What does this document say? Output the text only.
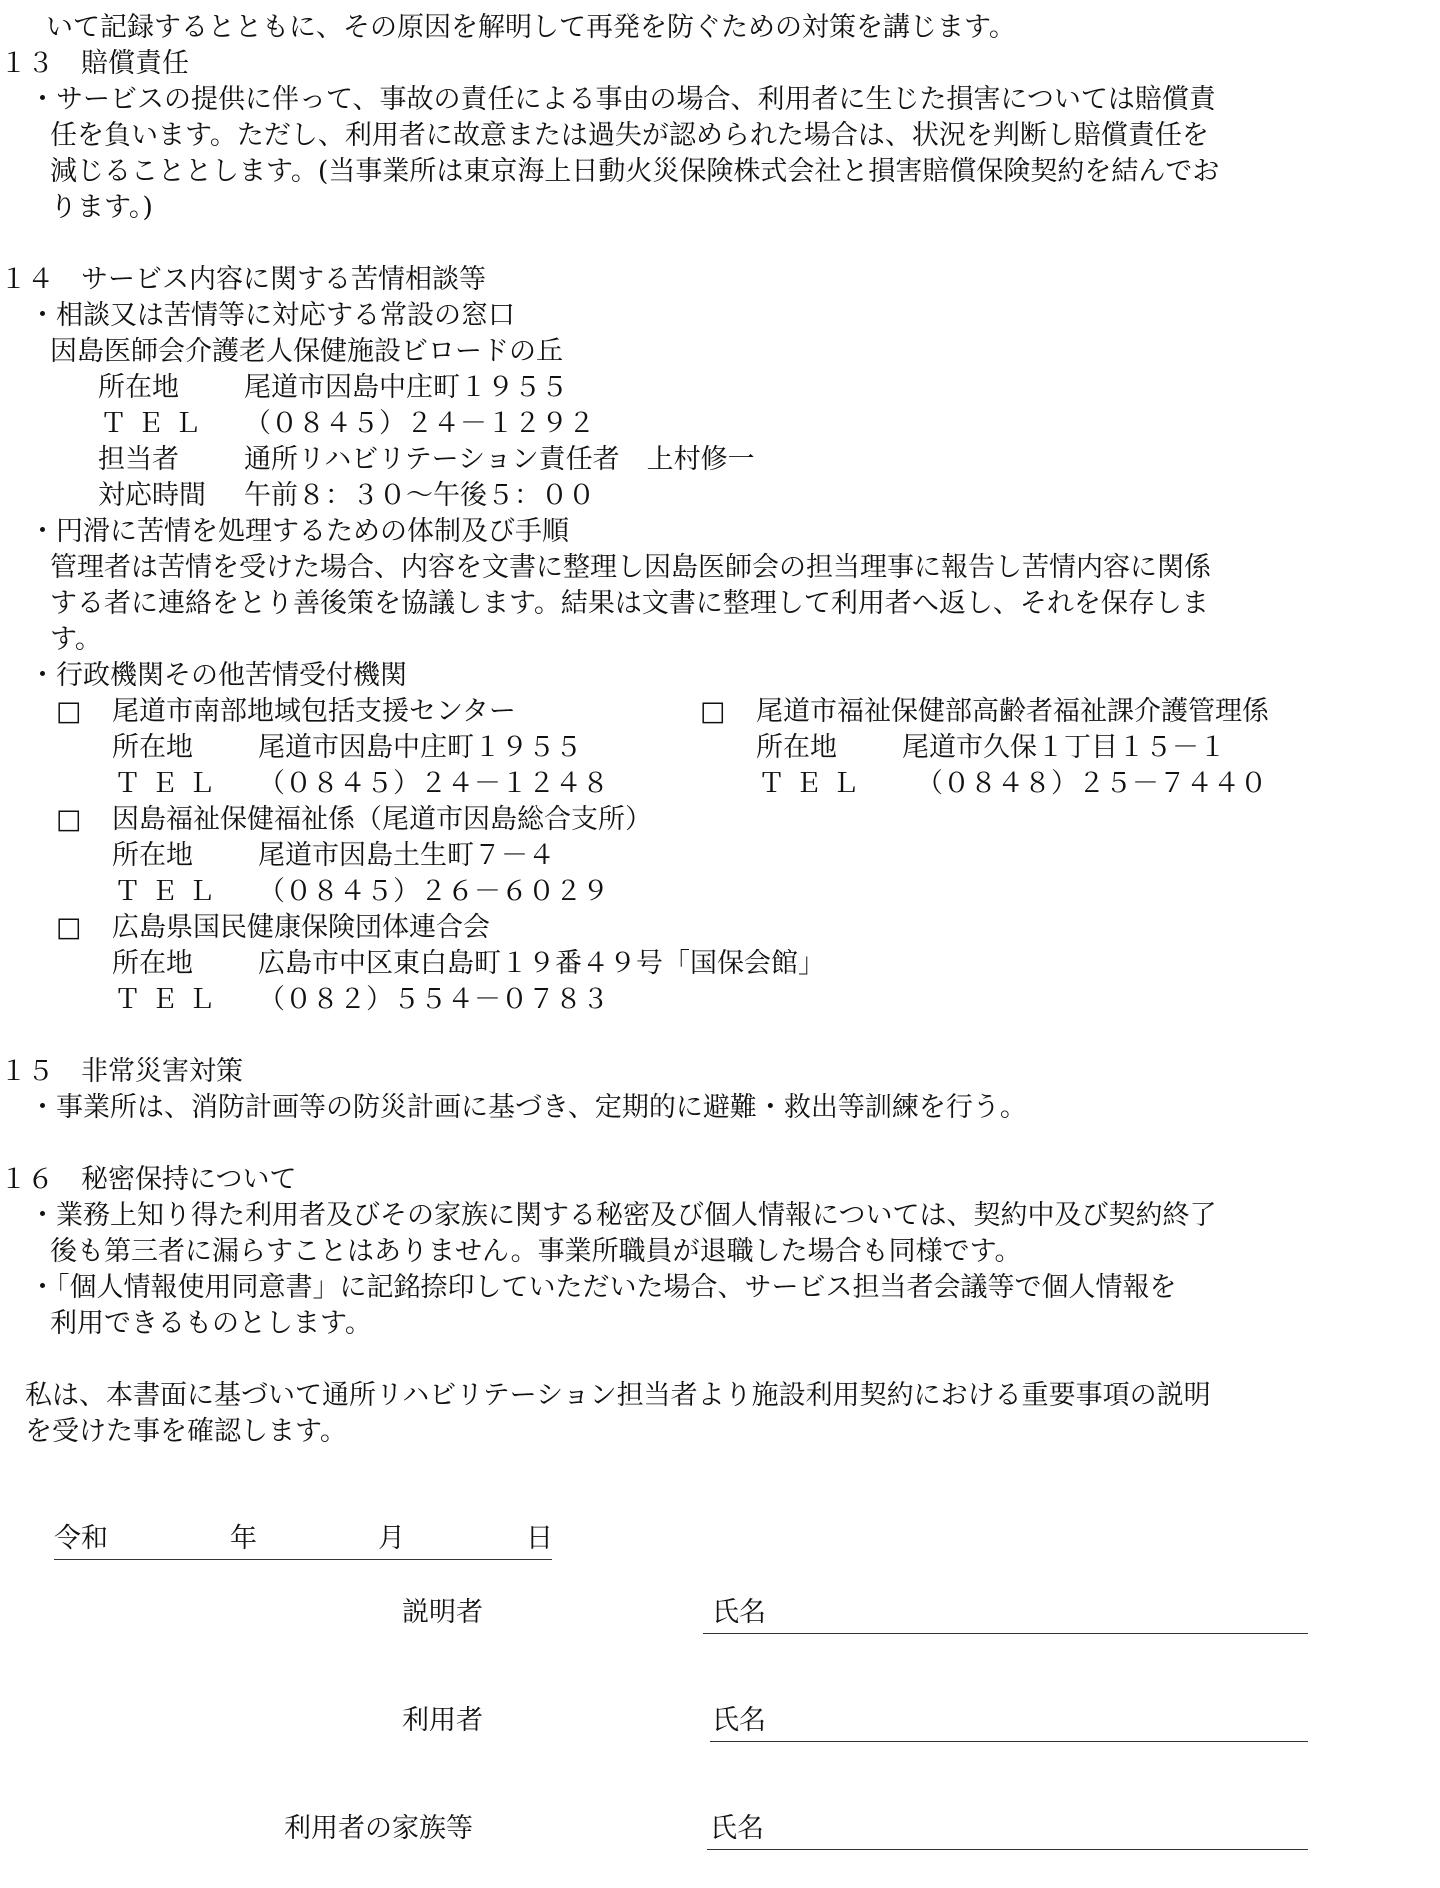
いて記録するとともに、その原因を解明して再発を防ぐための対策を講じます。
１３　賠償責任
・サービスの提供に伴って、事故の責任による事由の場合、利用者に生じた損害については賠償責
任を負います。ただし、利用者に故意または過失が認められた場合は、状況を判断し賠償責任を
減じることとします。(当事業所は東京海上日動火災保険株式会社と損害賠償保険契約を結んでお
ります。)
１４　サービス内容に関する苦情相談等
・相談又は苦情等に対応する常設の窓口
因島医師会介護老人保健施設ビロードの丘
所在地 尾道市因島中庄町１９５５
ＴＥＬ （０８４５）２４－１２９２
担当者 通所リハビリテーション責任者　上村修一
対応時間 午前８：３０～午後５：００
・円滑に苦情を処理するための体制及び手順
管理者は苦情を受けた場合、内容を文書に整理し因島医師会の担当理事に報告し苦情内容に関係
する者に連絡をとり善後策を協議します。結果は文書に整理して利用者へ返し、それを保存しま
す。
・行政機関その他苦情受付機関
□ 尾道市南部地域包括支援センター
所在地 尾道市因島中庄町１９５５
ＴＥＬ （０８４５）２４－１２４８
□ 尾道市福祉保健部高齢者福祉課介護管理係
所在地 尾道市久保１丁目１５－１
ＴＥＬ （０８４８）２５－７４４０
□ 因島福祉保健福祉係（尾道市因島総合支所）
所在地 尾道市因島土生町７－４
ＴＥＬ （０８４５）２６－６０２９
□ 広島県国民健康保険団体連合会
所在地 広島市中区東白島町１９番４９号「国保会館」
ＴＥＬ （０８２）５５４－０７８３
１５　非常災害対策
・事業所は、消防計画等の防災計画に基づき、定期的に避難・救出等訓練を行う。
１６　秘密保持について
・業務上知り得た利用者及びその家族に関する秘密及び個人情報については、契約中及び契約終了
後も第三者に漏らすことはありません。事業所職員が退職した場合も同様です。
・「個人情報使用同意書」に記銘捺印していただいた場合、サービス担当者会議等で個人情報を
利用できるものとします。
私は、本書面に基づいて通所リハビリテーション担当者より施設利用契約における重要事項の説明
を受けた事を確認します。
令和	年	月	日
説明者	氏名
利用者	氏名
利用者の家族等	氏名
